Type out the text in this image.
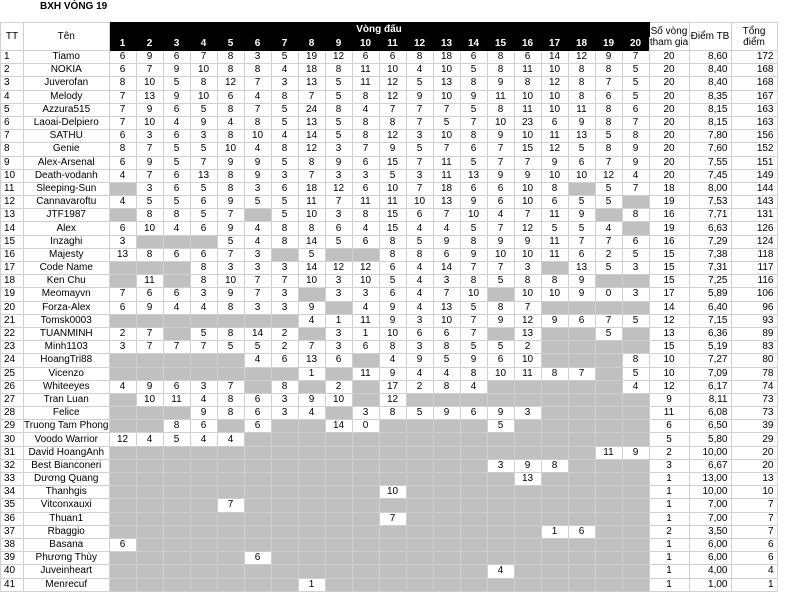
BXH VÒNG 19
TT	Tên	Vòng đấu																				Số vòng tham gia	Điểm TB	Tổng điểm
		1	2	3	4	5	6	7	8	9	10	11	12	13	14	15	16	17	18	19	20			
1	Tiamo	6	9	6	7	8	3	5	19	12	6	6	8	18	6	8	6	14	12	9	7	20	8,60	172
2	NOKIA	6	7	9	10	8	8	4	18	8	11	10	4	10	5	8	11	10	8	8	5	20	8,40	168
3	Juverofan	8	10	5	8	12	7	3	13	5	11	12	5	13	8	9	8	12	8	7	5	20	8,40	168
4	Melody	7	13	9	10	6	4	8	7	5	8	12	9	10	9	11	10	10	8	6	5	20	8,35	167
5	Azzura515	7	9	6	5	8	7	5	24	8	4	7	7	7	5	8	11	10	11	8	6	20	8,15	163
6	Laoai-Delpiero	7	10	4	9	4	8	5	13	5	8	8	7	5	7	10	23	6	9	8	7	20	8,15	163
7	SATHU	6	3	6	3	8	10	4	14	5	8	12	3	10	8	9	10	11	13	5	8	20	7,80	156
8	Genie	8	7	5	5	10	4	8	12	3	7	9	5	7	6	7	15	12	5	8	9	20	7,60	152
9	Alex-Arsenal	6	9	5	7	9	9	5	8	9	6	15	7	11	5	7	7	9	6	7	9	20	7,55	151
10	Death-vodanh	4	7	6	13	8	9	3	7	3	3	5	3	11	13	9	9	10	10	12	4	20	7,45	149
11	Sleeping-Sun		3	6	5	8	3	6	18	12	6	10	7	18	6	6	10	8		5	7	18	8,00	144
12	Cannavaroftu	4	5	5	6	9	5	5	11	7	11	11	10	13	9	6	10	6	5	5		19	7,53	143
13	JTF1987		8	8	5	7		5	10	3	8	15	6	7	10	4	7	11	9		8	16	7,71	131
14	Alex	6	10	4	6	9	4	8	8	6	4	15	4	4	5	7	12	5	5	4		19	6,63	126
15	Inzaghi	3				5	4	8	14	5	6	8	5	9	8	9	9	11	7	7	6	16	7,29	124
16	Majesty	13	8	6	6	7	3		5			8	8	6	9	10	10	11	6	2	5	15	7,38	118
17	Code Name				8	3	3	3	14	12	12	6	4	14	7	7	3		13	5	3	15	7,31	117
18	Ken Chu		11		8	10	7	7	10	3	10	5	4	3	8	5	8	8	9			15	7,25	116
19	Meomayvn	7	6	6	3	9	7	3		3	3	6	4	7	10		10	10	9	0	3	17	5,89	106
20	Forza-Alex	6	9	4	4	8	3	3	9		4	9	4	13	5	8	7					14	6,40	96
21	Tomsk0003								4	1	11	9	3	10	7	9	12	9	6	7	5	12	7,15	93
22	TUANMINH	2	7		5	8	14	2		3	1	10	6	6	7		13			5		13	6,36	89
23	Minh1103	3	7	7	7	5	5	2	7	3	6	8	3	8	5	5	2					15	5,19	83
24	HoangTri88						4	6	13	6		4	9	5	9	6	10				8	10	7,27	80
25	Vicenzo								1		11	9	4	4	8	10	11	8	7		5	10	7,09	78
26	Whiteeyes	4	9	6	3	7		8		2		17	2	8	4						4	12	6,17	74
27	Tran Luan		10	11	4	8	6	3	9	10		12										9	8,11	73
28	Felice				9	8	6	3	4		3	8	5	9	6	9	3					11	6,08	73
29	Truong Tam Phong			8	6		6			14	0					5						6	6,50	39
30	Voodo Warrior	12	4	5	4	4																5	5,80	29
31	David HoangAnh																			11	9	2	10,00	20
32	Best Bianconeri															3	9	8				3	6,67	20
33	Dương Quang																13					1	13,00	13
34	Thanhgis											10										1	10,00	10
35	Vitconxauxi					7																1	7,00	7
36	Thuan1											7										1	7,00	7
37	Rbaggio																	1	6			2	3,50	7
38	Basana	6																				1	6,00	6
39	Phương Thùy						6															1	6,00	6
40	Juveinheart															4						1	4,00	4
41	Menrecuf								1													1	1,00	1
